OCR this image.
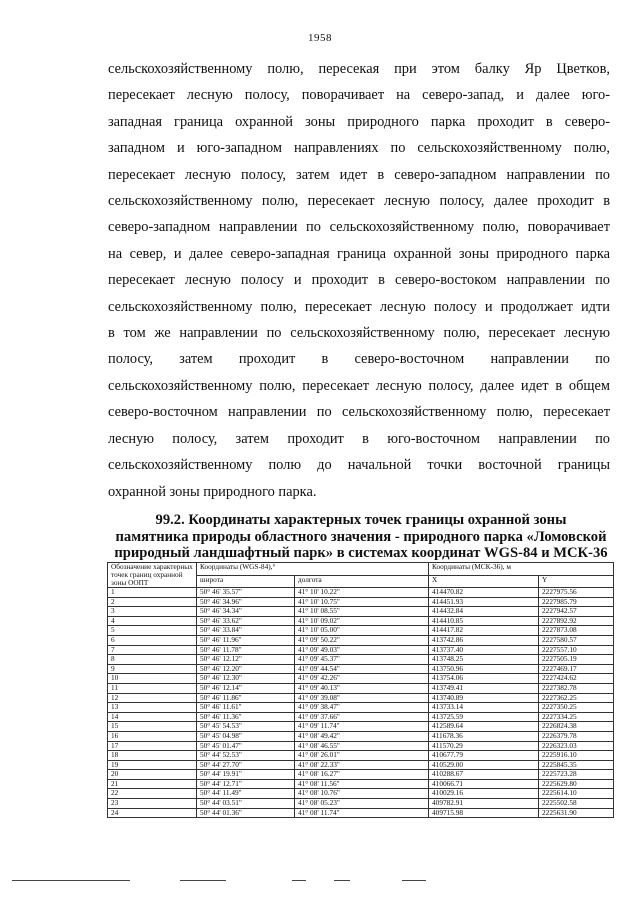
1958
сельскохозяйственному полю, пересекая при этом балку Яр Цветков,
пересекает лесную полосу, поворачивает на северо-запад, и далее юго-
западная граница охранной зоны природного парка проходит в северо-
западном и юго-западном направлениях по сельскохозяйственному полю,
пересекает лесную полосу, затем идет в северо-западном направлении по
сельскохозяйственному полю, пересекает лесную полосу, далее проходит в
северо-западном направлении по сельскохозяйственному полю, поворачивает
на север, и далее северо-западная граница охранной зоны природного парка
пересекает лесную полосу и проходит в северо-востоком направлении по
сельскохозяйственному полю, пересекает лесную полосу и продолжает идти
в том же направлении по сельскохозяйственному полю, пересекает лесную
полосу, затем проходит в северо-восточном направлении по
сельскохозяйственному полю, пересекает лесную полосу, далее идет в общем
северо-восточном направлении по сельскохозяйственному полю, пересекает
лесную полосу, затем проходит в юго-восточном направлении по
сельскохозяйственному полю до начальной точки восточной границы
охранной зоны природного парка.
99.2. Координаты характерных точек границы охранной зоны
памятника природы областного значения - природного парка «Ломовской
природный ландшафтный парк» в системах координат WGS-84 и МСК-36
Обозначение характерных точек границ охранной зоны ООПТ	Координаты (WGS-84),°		Координаты (МСК-36), м	
	широта	долгота	X	Y
1	50° 46' 35.57"	41° 10' 10.22"	414470.82	2227975.56
2	50° 46' 34.96"	41° 10' 10.75"	414451.93	2227985.79
3	50° 46' 34.34"	41° 10' 08.55"	414432.84	2227942.57
4	50° 46' 33.62"	41° 10' 09.02"	414410.85	2227892.92
5	50° 46' 33.84"	41° 10' 05.00"	414417.82	2227873.08
6	50° 46' 11.96"	41° 09' 50.22"	413742.86	2227580.57
7	50° 46' 11.78"	41° 09' 49.03"	413737.40	2227557.10
8	50° 46' 12.12"	41° 09' 45.37"	413748.25	2227505.19
9	50° 46' 12.20"	41° 09' 44.54"	413750.96	2227469.17
10	50° 46' 12.30"	41° 09' 42.26"	413754.06	2227424.62
11	50° 46' 12.14"	41° 09' 40.13"	413749.41	2227382.78
12	50° 46' 11.86"	41° 09' 39.08"	413740.89	2227362.25
13	50° 46' 11.61"	41° 09' 38.47"	413733.14	2227350.25
14	50° 46' 11.36"	41° 09' 37.66"	413725.59	2227334.25
15	50° 45' 54.53"	41° 09' 11.74"	412589.64	2226824.38
16	50° 45' 04.98"	41° 08' 49.42"	411678.36	2226379.78
17	50° 45' 01.47"	41° 08' 46.55"	411570.29	2226323.03
18	50° 44' 52.53"	41° 08' 26.01"	410677.79	2225916.10
19	50° 44' 27.70"	41° 08' 22.33"	410529.00	2225845.35
20	50° 44' 19.91"	41° 08' 16.27"	410288.67	2225723.28
21	50° 44' 12.71"	41° 08' 11.56"	410066.71	2225629.80
22	50° 44' 11.49"	41° 08' 10.76"	410029.16	2225614.10
23	50° 44' 03.51"	41° 08' 05.23"	409782.91	2225502.58
24	50° 44' 01.36"	41° 08' 11.74"	409715.98	2225631.90
